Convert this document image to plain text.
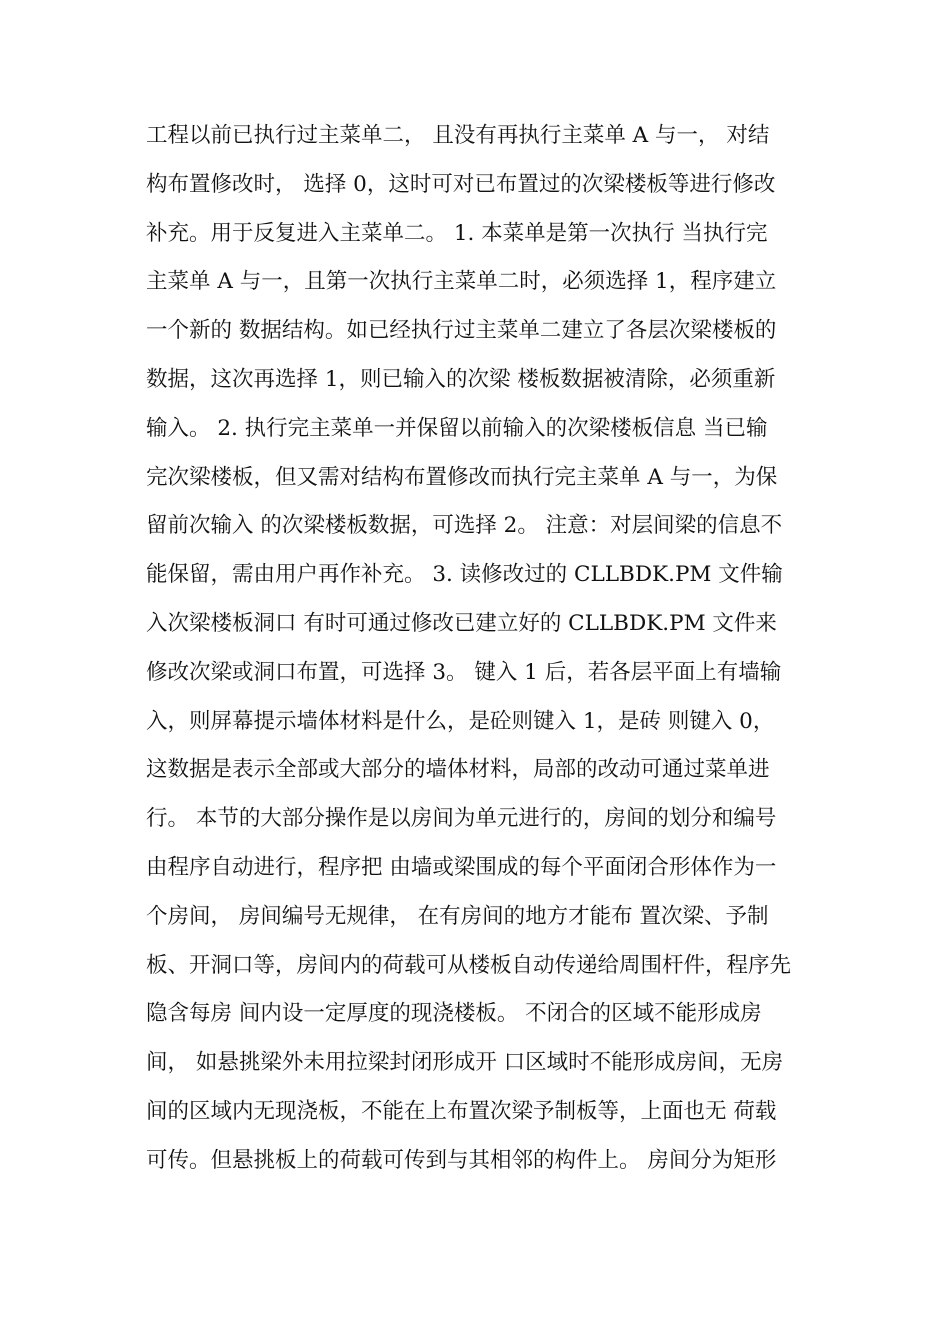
工程以前已执行过主菜单二， 且没有再执行主菜单 A 与一， 对结
构布置修改时， 选择 0，这时可对已布置过的次梁楼板等进行修改
补充。用于反复进入主菜单二。 1. 本菜单是第一次执行 当执行完
主菜单 A 与一，且第一次执行主菜单二时，必须选择 1，程序建立
一个新的 数据结构。如已经执行过主菜单二建立了各层次梁楼板的
数据，这次再选择 1，则已输入的次梁 楼板数据被清除，必须重新
输入。 2. 执行完主菜单一并保留以前输入的次梁楼板信息 当已输
完次梁楼板，但又需对结构布置修改而执行完主菜单 A 与一，为保
留前次输入 的次梁楼板数据，可选择 2。 注意：对层间梁的信息不
能保留，需由用户再作补充。 3. 读修改过的 CLLBDK.PM 文件输
入次梁楼板洞口 有时可通过修改已建立好的 CLLBDK.PM 文件来
修改次梁或洞口布置，可选择 3。 键入 1 后，若各层平面上有墙输
入，则屏幕提示墙体材料是什么，是砼则键入 1，是砖 则键入 0，
这数据是表示全部或大部分的墙体材料，局部的改动可通过菜单进
行。 本节的大部分操作是以房间为单元进行的，房间的划分和编号
由程序自动进行，程序把 由墙或梁围成的每个平面闭合形体作为一
个房间， 房间编号无规律， 在有房间的地方才能布 置次梁、予制
板、开洞口等，房间内的荷载可从楼板自动传递给周围杆件，程序先
隐含每房 间内设一定厚度的现浇楼板。 不闭合的区域不能形成房
间， 如悬挑梁外未用拉梁封闭形成开 口区域时不能形成房间，无房
间的区域内无现浇板，不能在上布置次梁予制板等，上面也无 荷载
可传。但悬挑板上的荷载可传到与其相邻的构件上。 房间分为矩形
